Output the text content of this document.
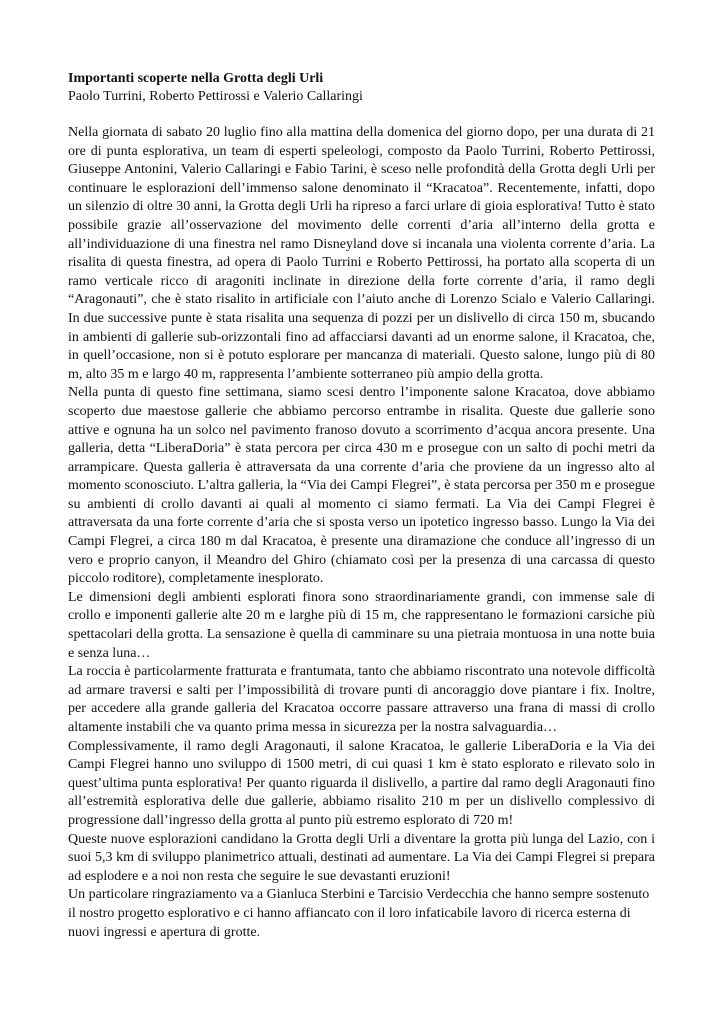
Importanti scoperte nella Grotta degli Urli

Paolo Turrini, Roberto Pettirossi e Valerio Callaringi

Nella giornata di sabato 20 luglio fino alla mattina della domenica del giorno dopo, per una durata di 21 ore di punta esplorativa, un team di esperti speleologi, composto da Paolo Turrini, Roberto Pettirossi, Giuseppe Antonini, Valerio Callaringi e Fabio Tarini, è sceso nelle profondità della Grotta degli Urli per continuare le esplorazioni dell’immenso salone denominato il “Kracatoa”. Recentemente, infatti, dopo un silenzio di oltre 30 anni, la Grotta degli Urli ha ripreso a farci urlare di gioia esplorativa! Tutto è stato possibile grazie all’osservazione del movimento delle correnti d’aria all’interno della grotta e all’individuazione di una finestra nel ramo Disneyland dove si incanala una violenta corrente d’aria. La risalita di questa finestra, ad opera di Paolo Turrini e Roberto Pettirossi, ha portato alla scoperta di un ramo verticale ricco di aragoniti inclinate in direzione della forte corrente d’aria, il ramo degli “Aragonauti”, che è stato risalito in artificiale con l’aiuto anche di Lorenzo Scialo e Valerio Callaringi. In due successive punte è stata risalita una sequenza di pozzi per un dislivello di circa 150 m, sbucando in ambienti di gallerie sub-orizzontali fino ad affacciarsi davanti ad un enorme salone, il Kracatoa, che, in quell’occasione, non si è potuto esplorare per mancanza di materiali. Questo salone, lungo più di 80 m, alto 35 m e largo 40 m, rappresenta l’ambiente sotterraneo più ampio della grotta.

Nella punta di questo fine settimana, siamo scesi dentro l’imponente salone Kracatoa, dove abbiamo scoperto due maestose gallerie che abbiamo percorso entrambe in risalita. Queste due gallerie sono attive e ognuna ha un solco nel pavimento franoso dovuto a scorrimento d’acqua ancora presente. Una galleria, detta “LiberaDoria” è stata percora per circa 430 m e prosegue con un salto di pochi metri da arrampicare. Questa galleria è attraversata da una corrente d’aria che proviene da un ingresso alto al momento sconosciuto. L’altra galleria, la “Via dei Campi Flegrei”, è stata percorsa per 350 m e prosegue su ambienti di crollo davanti ai quali al momento ci siamo fermati. La Via dei Campi Flegrei è attraversata da una forte corrente d’aria che si sposta verso un ipotetico ingresso basso. Lungo la Via dei Campi Flegrei, a circa 180 m dal Kracatoa, è presente una diramazione che conduce all’ingresso di un vero e proprio canyon, il Meandro del Ghiro (chiamato così per la presenza di una carcassa di questo piccolo roditore), completamente inesplorato.

Le dimensioni degli ambienti esplorati finora sono straordinariamente grandi, con immense sale di crollo e imponenti gallerie alte 20 m e larghe più di 15 m, che rappresentano le formazioni carsiche più spettacolari della grotta. La sensazione è quella di camminare su una pietraia montuosa in una notte buia e senza luna…

La roccia è particolarmente fratturata e frantumata, tanto che abbiamo riscontrato una notevole difficoltà ad armare traversi e salti per l’impossibilità di trovare punti di ancoraggio dove piantare i fix. Inoltre, per accedere alla grande galleria del Kracatoa occorre passare attraverso una frana di massi di crollo altamente instabili che va quanto prima messa in sicurezza per la nostra salvaguardia…

Complessivamente, il ramo degli Aragonauti, il salone Kracatoa, le gallerie LiberaDoria e la Via dei Campi Flegrei hanno uno sviluppo di 1500 metri, di cui quasi 1 km è stato esplorato e rilevato solo in quest’ultima punta esplorativa! Per quanto riguarda il dislivello, a partire dal ramo degli Aragonauti fino all’estremità esplorativa delle due gallerie, abbiamo risalito 210 m per un dislivello complessivo di progressione dall’ingresso della grotta al punto più estremo esplorato di 720 m!

Queste nuove esplorazioni candidano la Grotta degli Urli a diventare la grotta più lunga del Lazio, con i suoi 5,3 km di sviluppo planimetrico attuali, destinati ad aumentare. La Via dei Campi Flegrei si prepara ad esplodere e a noi non resta che seguire le sue devastanti eruzioni!

Un particolare ringraziamento va a Gianluca Sterbini e Tarcisio Verdecchia che hanno sempre sostenuto il nostro progetto esplorativo e ci hanno affiancato con il loro infaticabile lavoro di ricerca esterna di nuovi ingressi e apertura di grotte.
